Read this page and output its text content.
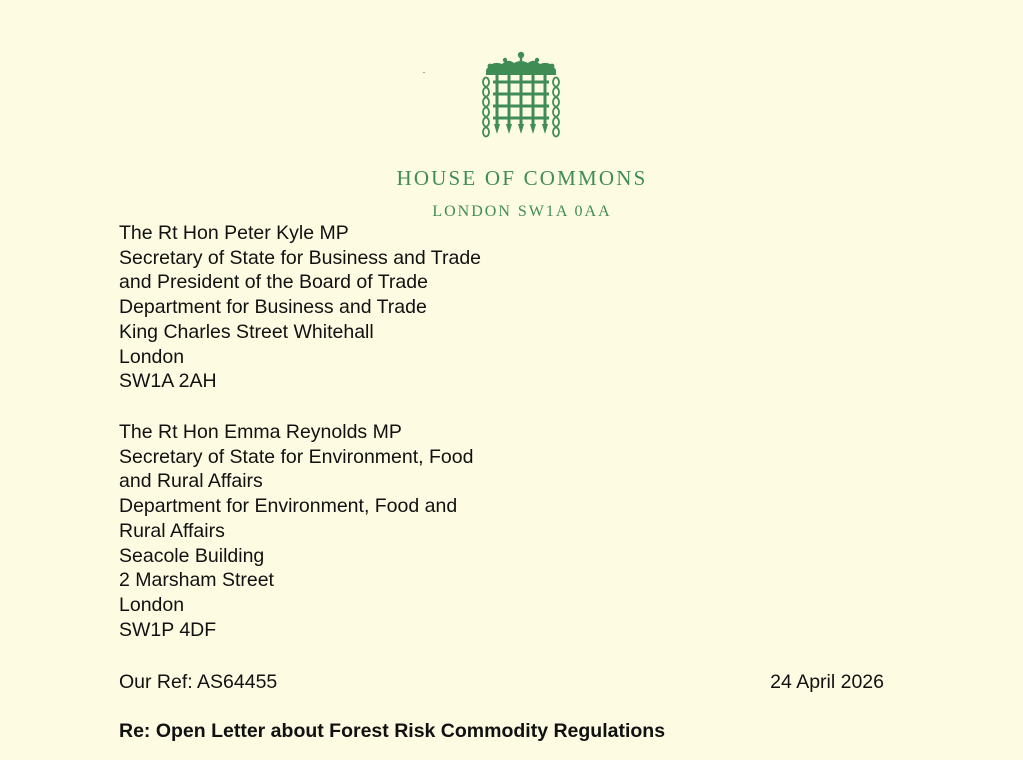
HOUSE OF COMMONS
LONDON SW1A 0AA
The Rt Hon Peter Kyle MP
Secretary of State for Business and Trade
and President of the Board of Trade
Department for Business and Trade
King Charles Street Whitehall
London
SW1A 2AH
The Rt Hon Emma Reynolds MP
Secretary of State for Environment, Food
and Rural Affairs
Department for Environment, Food and
Rural Affairs
Seacole Building
2 Marsham Street
London
SW1P 4DF
Our Ref: AS64455	24 April 2026
Re: Open Letter about Forest Risk Commodity Regulations
